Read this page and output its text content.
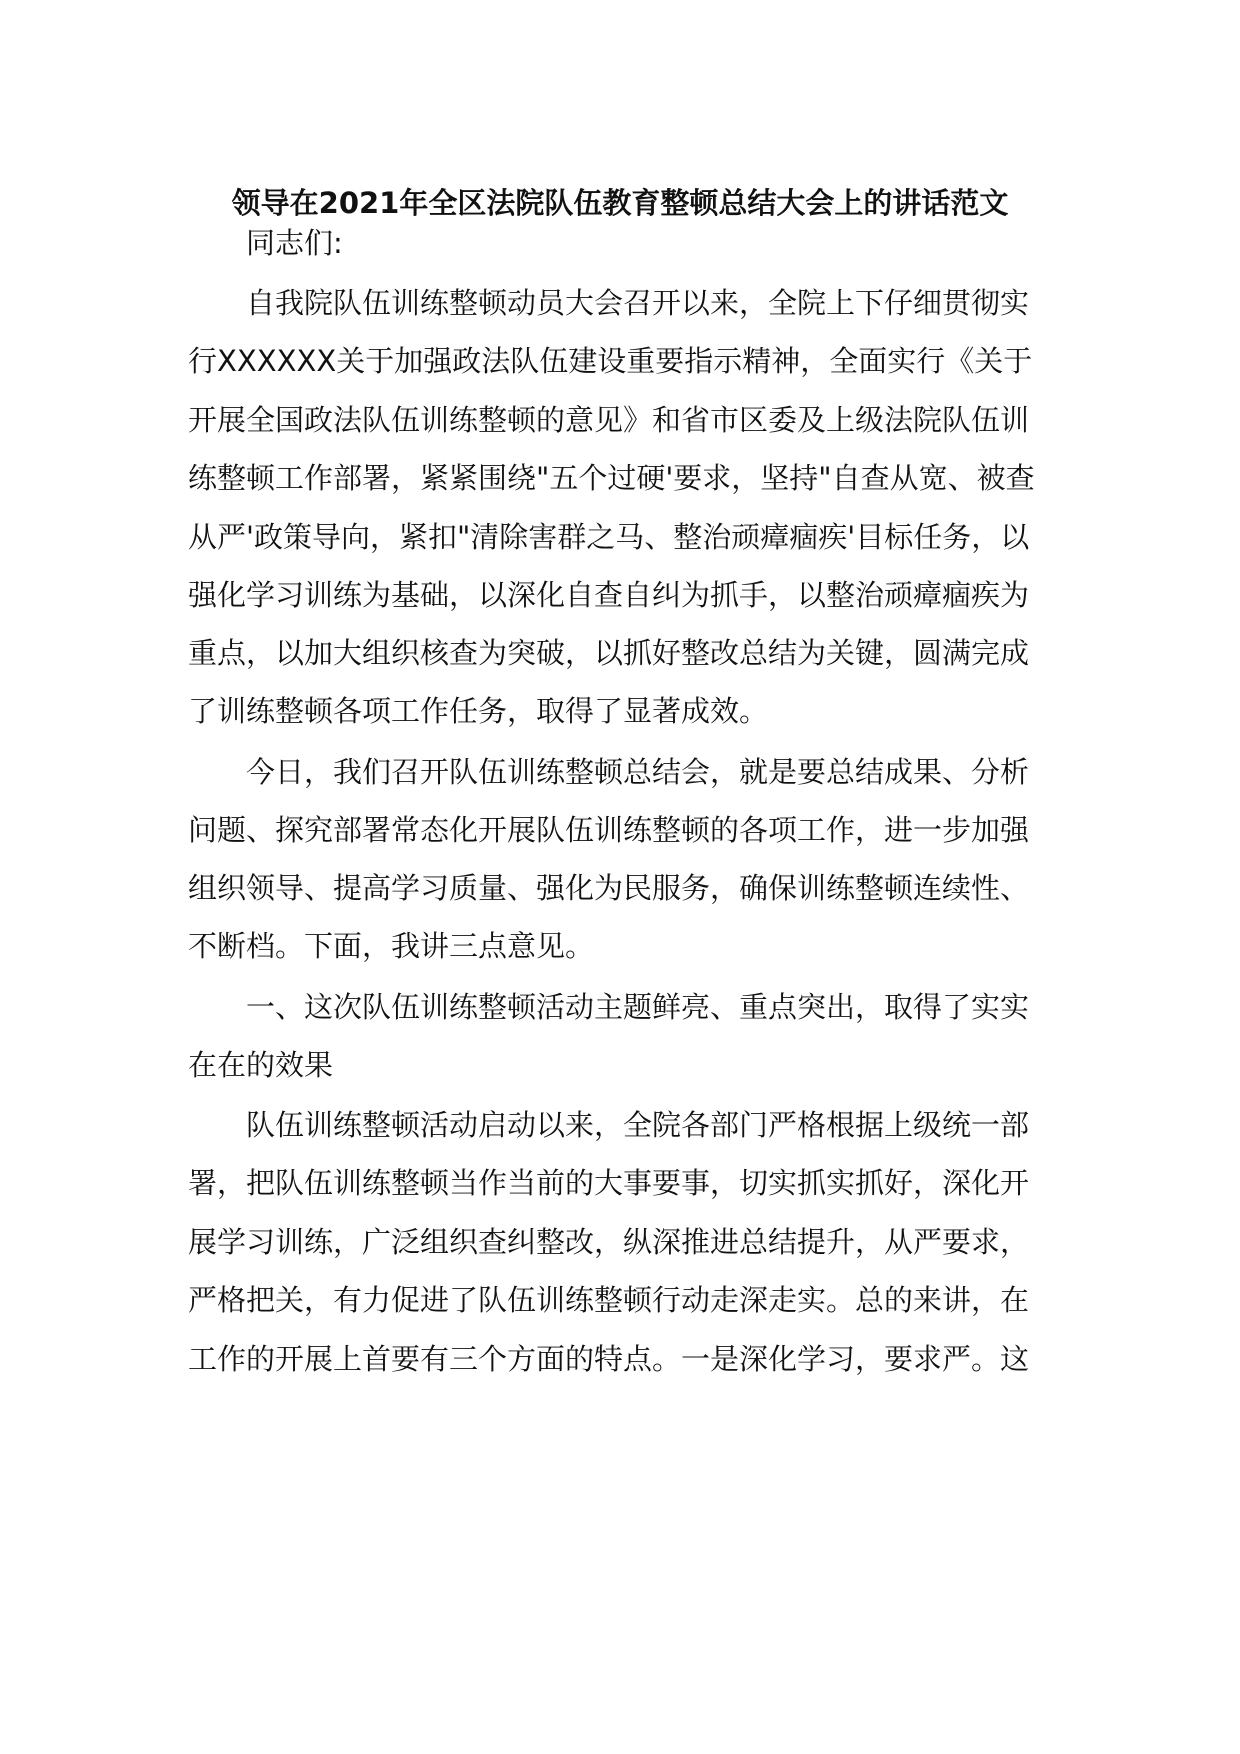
领导在2021年全区法院队伍教育整顿总结大会上的讲话范文
同志们:
自我院队伍训练整顿动员大会召开以来，全院上下仔细贯彻实
行XXXXXX关于加强政法队伍建设重要指示精神，全面实行《关于
开展全国政法队伍训练整顿的意见》和省市区委及上级法院队伍训
练整顿工作部署，紧紧围绕"五个过硬'要求，坚持"自查从宽、被查
从严'政策导向，紧扣"清除害群之马、整治顽瘴痼疾'目标任务，以
强化学习训练为基础，以深化自查自纠为抓手，以整治顽瘴痼疾为
重点，以加大组织核查为突破，以抓好整改总结为关键，圆满完成
了训练整顿各项工作任务，取得了显著成效。
今日，我们召开队伍训练整顿总结会，就是要总结成果、分析
问题、探究部署常态化开展队伍训练整顿的各项工作，进一步加强
组织领导、提高学习质量、强化为民服务，确保训练整顿连续性、
不断档。下面，我讲三点意见。
一、这次队伍训练整顿活动主题鲜亮、重点突出，取得了实实
在在的效果
队伍训练整顿活动启动以来，全院各部门严格根据上级统一部
署，把队伍训练整顿当作当前的大事要事，切实抓实抓好，深化开
展学习训练，广泛组织查纠整改，纵深推进总结提升，从严要求，
严格把关，有力促进了队伍训练整顿行动走深走实。总的来讲，在
工作的开展上首要有三个方面的特点。一是深化学习，要求严。这
